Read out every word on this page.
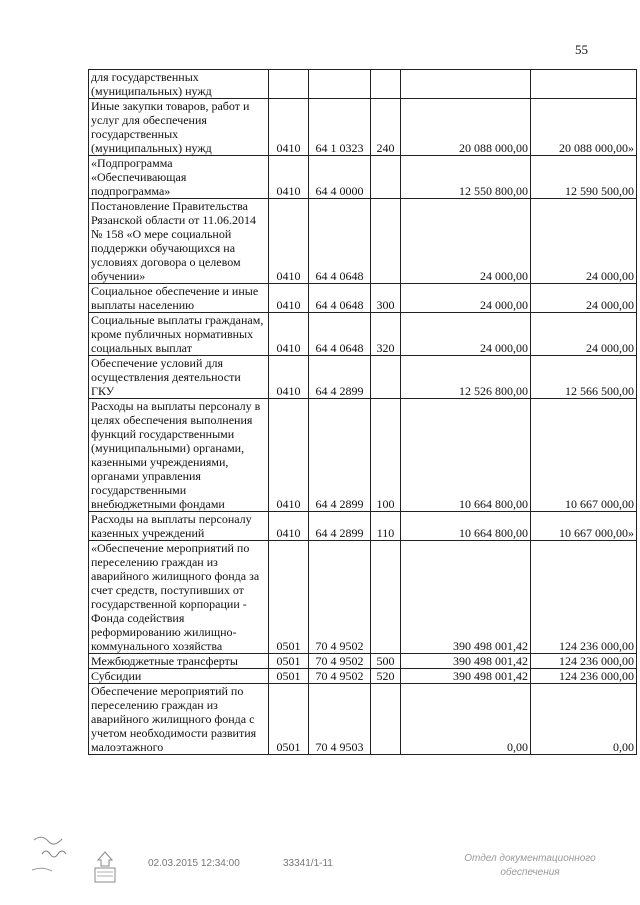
55
для государственных (муниципальных) нужд					
Иные закупки товаров, работ и услуг для обеспечения государственных (муниципальных) нужд	0410	64 1 0323	240	20 088 000,00	20 088 000,00»
«Подпрограмма «Обеспечивающая подпрограмма»	0410	64 4 0000		12 550 800,00	12 590 500,00
Постановление Правительства Рязанской области от 11.06.2014 № 158 «О мере социальной поддержки обучающихся на условиях договора о целевом обучении»	0410	64 4 0648		24 000,00	24 000,00
Социальное обеспечение и иные выплаты населению	0410	64 4 0648	300	24 000,00	24 000,00
Социальные выплаты гражданам, кроме публичных нормативных социальных выплат	0410	64 4 0648	320	24 000,00	24 000,00
Обеспечение условий для осуществления деятельности ГКУ	0410	64 4 2899		12 526 800,00	12 566 500,00
Расходы на выплаты персоналу в целях обеспечения выполнения функций государственными (муниципальными) органами, казенными учреждениями, органами управления государственными внебюджетными фондами	0410	64 4 2899	100	10 664 800,00	10 667 000,00
Расходы на выплаты персоналу казенных учреждений	0410	64 4 2899	110	10 664 800,00	10 667 000,00»
«Обеспечение мероприятий по переселению граждан из аварийного жилищного фонда за счет средств, поступивших от государственной корпорации - Фонда содействия реформированию жилищно-коммунального хозяйства	0501	70 4 9502		390 498 001,42	124 236 000,00
Межбюджетные трансферты	0501	70 4 9502	500	390 498 001,42	124 236 000,00
Субсидии	0501	70 4 9502	520	390 498 001,42	124 236 000,00
Обеспечение мероприятий по переселению граждан из аварийного жилищного фонда с учетом необходимости развития малоэтажного	0501	70 4 9503		0,00	0,00
02.03.2015 12:34:00	33341/1-11	Отдел документационного
обеспечения
